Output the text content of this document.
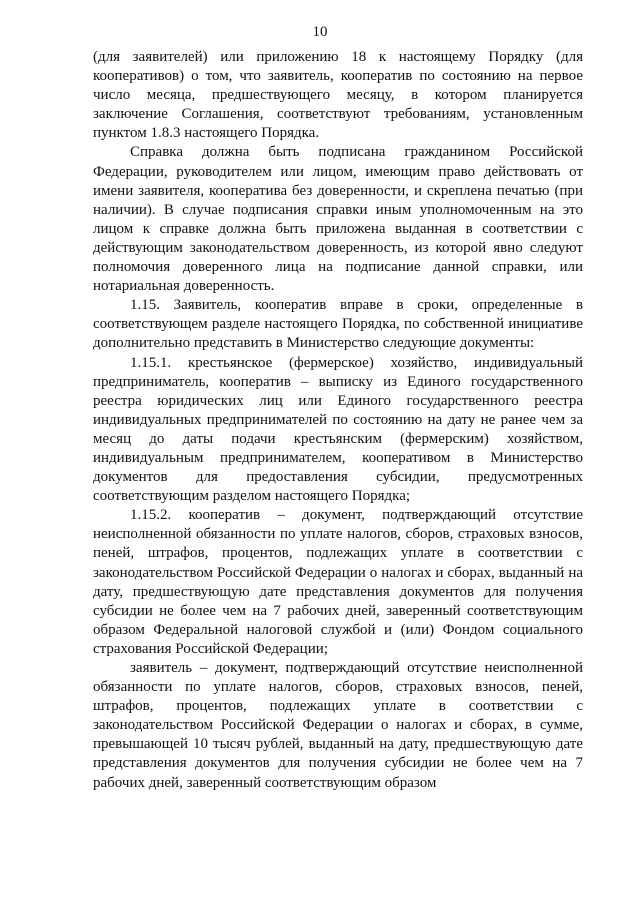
10

(для заявителей) или приложению 18 к настоящему Порядку (для кооперативов) о том, что заявитель, кооператив по состоянию на первое число месяца, предшествующего месяцу, в котором планируется заключение Соглашения, соответствуют требованиям, установленным пунктом 1.8.3 настоящего Порядка.

Справка должна быть подписана гражданином Российской Федерации, руководителем или лицом, имеющим право действовать от имени заявителя, кооператива без доверенности, и скреплена печатью (при наличии). В случае подписания справки иным уполномоченным на это лицом к справке должна быть приложена выданная в соответствии с действующим законодательством доверенность, из которой явно следуют полномочия доверенного лица на подписание данной справки, или нотариальная доверенность.

1.15. Заявитель, кооператив вправе в сроки, определенные в соответствующем разделе настоящего Порядка, по собственной инициативе дополнительно представить в Министерство следующие документы:

1.15.1. крестьянское (фермерское) хозяйство, индивидуальный предприниматель, кооператив – выписку из Единого государственного реестра юридических лиц или Единого государственного реестра индивидуальных предпринимателей по состоянию на дату не ранее чем за месяц до даты подачи крестьянским (фермерским) хозяйством, индивидуальным предпринимателем, кооперативом в Министерство документов для предоставления субсидии, предусмотренных соответствующим разделом настоящего Порядка;

1.15.2. кооператив – документ, подтверждающий отсутствие неисполненной обязанности по уплате налогов, сборов, страховых взносов, пеней, штрафов, процентов, подлежащих уплате в соответствии с законодательством Российской Федерации о налогах и сборах, выданный на дату, предшествующую дате представления документов для получения субсидии не более чем на 7 рабочих дней, заверенный соответствующим образом Федеральной налоговой службой и (или) Фондом социального страхования Российской Федерации;

заявитель – документ, подтверждающий отсутствие неисполненной обязанности по уплате налогов, сборов, страховых взносов, пеней, штрафов, процентов, подлежащих уплате в соответствии с законодательством Российской Федерации о налогах и сборах, в сумме, превышающей 10 тысяч рублей, выданный на дату, предшествующую дате представления документов для получения субсидии не более чем на 7 рабочих дней, заверенный соответствующим образом
